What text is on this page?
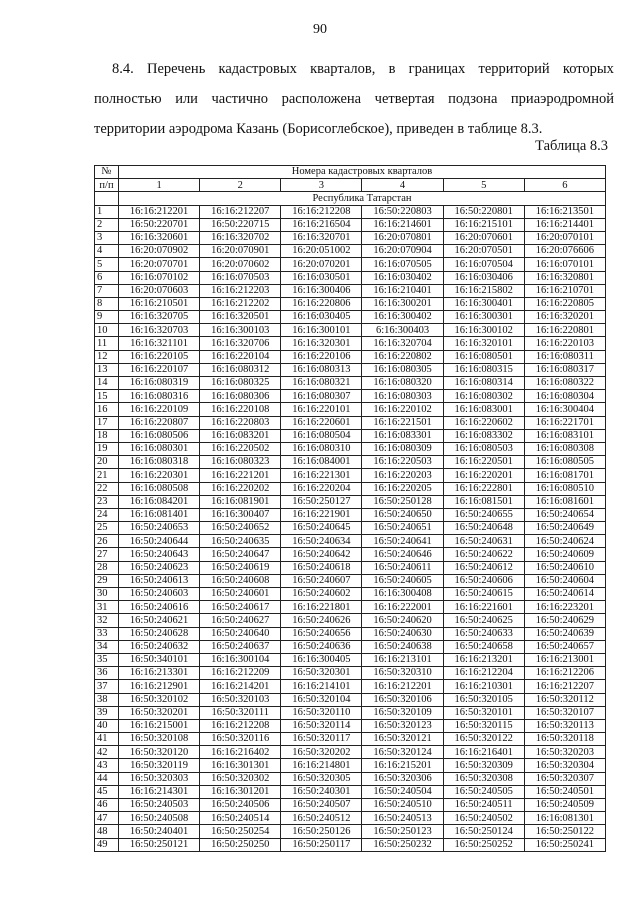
90
8.4. Перечень кадастровых кварталов, в границах территорий которых
полностью или частично расположена четвертая подзона приаэродромной
территории аэродрома Казань (Борисоглебское), приведен в таблице 8.3.
Таблица 8.3
№	Номера кадастровых кварталов					
п/п	1	2	3	4	5	6
	Республика Татарстан					
1	16:16:212201	16:16:212207	16:16:212208	16:50:220803	16:50:220801	16:16:213501
2	16:50:220701	16:50:220715	16:16:216504	16:16:214601	16:16:215101	16:16:214401
3	16:16:320601	16:16:320702	16:16:320701	16:20:070801	16:20:070601	16:20:070101
4	16:20:070902	16:20:070901	16:20:051002	16:20:070904	16:20:070501	16:20:076606
5	16:20:070701	16:20:070602	16:20:070201	16:16:070505	16:16:070504	16:16:070101
6	16:16:070102	16:16:070503	16:16:030501	16:16:030402	16:16:030406	16:16:320801
7	16:20:070603	16:16:212203	16:16:300406	16:16:210401	16:16:215802	16:16:210701
8	16:16:210501	16:16:212202	16:16:220806	16:16:300201	16:16:300401	16:16:220805
9	16:16:320705	16:16:320501	16:16:030405	16:16:300402	16:16:300301	16:16:320201
10	16:16:320703	16:16:300103	16:16:300101	6:16:300403	16:16:300102	16:16:220801
11	16:16:321101	16:16:320706	16:16:320301	16:16:320704	16:16:320101	16:16:220103
12	16:16:220105	16:16:220104	16:16:220106	16:16:220802	16:16:080501	16:16:080311
13	16:16:220107	16:16:080312	16:16:080313	16:16:080305	16:16:080315	16:16:080317
14	16:16:080319	16:16:080325	16:16:080321	16:16:080320	16:16:080314	16:16:080322
15	16:16:080316	16:16:080306	16:16:080307	16:16:080303	16:16:080302	16:16:080304
16	16:16:220109	16:16:220108	16:16:220101	16:16:220102	16:16:083001	16:16:300404
17	16:16:220807	16:16:220803	16:16:220601	16:16:221501	16:16:220602	16:16:221701
18	16:16:080506	16:16:083201	16:16:080504	16:16:083301	16:16:083302	16:16:083101
19	16:16:080301	16:16:220502	16:16:080310	16:16:080309	16:16:080503	16:16:080308
20	16:16:080318	16:16:080323	16:16:084001	16:16:220503	16:16:220501	16:16:080505
21	16:16:220301	16:16:221201	16:16:221301	16:16:220203	16:16:220201	16:16:081701
22	16:16:080508	16:16:220202	16:16:220204	16:16:220205	16:16:222801	16:16:080510
23	16:16:084201	16:16:081901	16:50:250127	16:50:250128	16:16:081501	16:16:081601
24	16:16:081401	16:16:300407	16:16:221901	16:50:240650	16:50:240655	16:50:240654
25	16:50:240653	16:50:240652	16:50:240645	16:50:240651	16:50:240648	16:50:240649
26	16:50:240644	16:50:240635	16:50:240634	16:50:240641	16:50:240631	16:50:240624
27	16:50:240643	16:50:240647	16:50:240642	16:50:240646	16:50:240622	16:50:240609
28	16:50:240623	16:50:240619	16:50:240618	16:50:240611	16:50:240612	16:50:240610
29	16:50:240613	16:50:240608	16:50:240607	16:50:240605	16:50:240606	16:50:240604
30	16:50:240603	16:50:240601	16:50:240602	16:16:300408	16:50:240615	16:50:240614
31	16:50:240616	16:50:240617	16:16:221801	16:16:222001	16:16:221601	16:16:223201
32	16:50:240621	16:50:240627	16:50:240626	16:50:240620	16:50:240625	16:50:240629
33	16:50:240628	16:50:240640	16:50:240656	16:50:240630	16:50:240633	16:50:240639
34	16:50:240632	16:50:240637	16:50:240636	16:50:240638	16:50:240658	16:50:240657
35	16:50:340101	16:16:300104	16:16:300405	16:16:213101	16:16:213201	16:16:213001
36	16:16:213301	16:16:212209	16:50:320301	16:50:320310	16:16:212204	16:16:212206
37	16:16:212901	16:16:214201	16:16:214101	16:16:212201	16:16:210301	16:16:212207
38	16:50:320102	16:50:320103	16:50:320104	16:50:320106	16:50:320105	16:50:320112
39	16:50:320201	16:50:320111	16:50:320110	16:50:320109	16:50:320101	16:50:320107
40	16:16:215001	16:16:212208	16:50:320114	16:50:320123	16:50:320115	16:50:320113
41	16:50:320108	16:50:320116	16:50:320117	16:50:320121	16:50:320122	16:50:320118
42	16:50:320120	16:16:216402	16:50:320202	16:50:320124	16:16:216401	16:50:320203
43	16:50:320119	16:16:301301	16:16:214801	16:16:215201	16:50:320309	16:50:320304
44	16:50:320303	16:50:320302	16:50:320305	16:50:320306	16:50:320308	16:50:320307
45	16:16:214301	16:16:301201	16:50:240301	16:50:240504	16:50:240505	16:50:240501
46	16:50:240503	16:50:240506	16:50:240507	16:50:240510	16:50:240511	16:50:240509
47	16:50:240508	16:50:240514	16:50:240512	16:50:240513	16:50:240502	16:16:081301
48	16:50:240401	16:50:250254	16:50:250126	16:50:250123	16:50:250124	16:50:250122
49	16:50:250121	16:50:250250	16:50:250117	16:50:250232	16:50:250252	16:50:250241
